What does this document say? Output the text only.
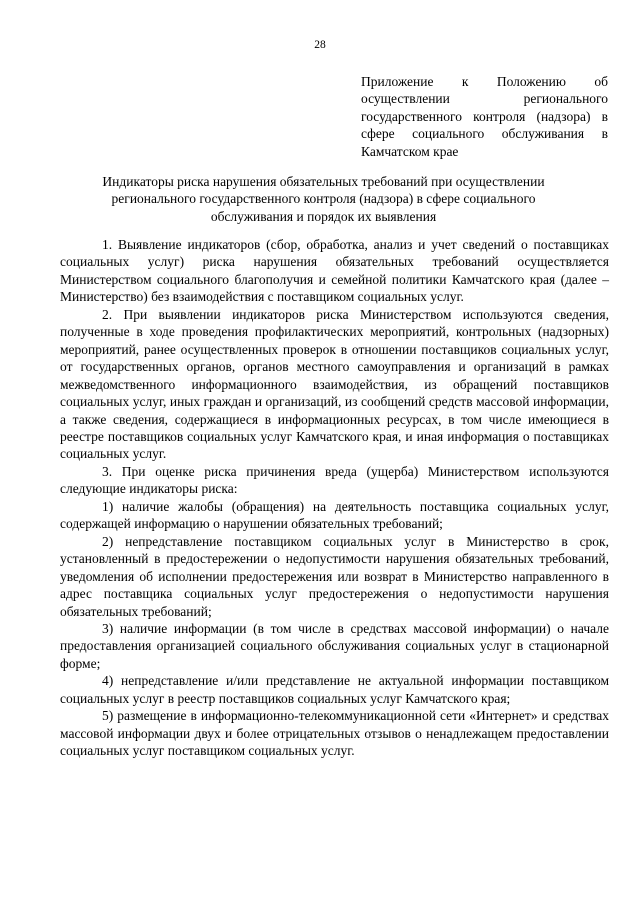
28
Приложение к Положению об осуществлении регионального государственного контроля (надзора) в сфере социального обслуживания в Камчатском крае
Индикаторы риска нарушения обязательных требований при осуществлении регионального государственного контроля (надзора) в сфере социального обслуживания и порядок их выявления

1. Выявление индикаторов (сбор, обработка, анализ и учет сведений о поставщиках социальных услуг) риска нарушения обязательных требований осуществляется Министерством социального благополучия и семейной политики Камчатского края (далее – Министерство) без взаимодействия с поставщиком социальных услуг.

2. При выявлении индикаторов риска Министерством используются сведения, полученные в ходе проведения профилактических мероприятий, контрольных (надзорных) мероприятий, ранее осуществленных проверок в отношении поставщиков социальных услуг, от государственных органов, органов местного самоуправления и организаций в рамках межведомственного информационного взаимодействия, из обращений поставщиков социальных услуг, иных граждан и организаций, из сообщений средств массовой информации, а также сведения, содержащиеся в информационных ресурсах, в том числе имеющиеся в реестре поставщиков социальных услуг Камчатского края, и иная информация о поставщиках социальных услуг.

3. При оценке риска причинения вреда (ущерба) Министерством используются следующие индикаторы риска:

1) наличие жалобы (обращения) на деятельность поставщика социальных услуг, содержащей информацию о нарушении обязательных требований;

2) непредставление поставщиком социальных услуг в Министерство в срок, установленный в предостережении о недопустимости нарушения обязательных требований, уведомления об исполнении предостережения или возврат в Министерство направленного в адрес поставщика социальных услуг предостережения о недопустимости нарушения обязательных требований;

3) наличие информации (в том числе в средствах массовой информации) о начале предоставления организацией социального обслуживания социальных услуг в стационарной форме;

4) непредставление и/или представление не актуальной информации поставщиком социальных услуг в реестр поставщиков социальных услуг Камчатского края;

5) размещение в информационно-телекоммуникационной сети «Интернет» и средствах массовой информации двух и более отрицательных отзывов о ненадлежащем предоставлении социальных услуг поставщиком социальных услуг.
